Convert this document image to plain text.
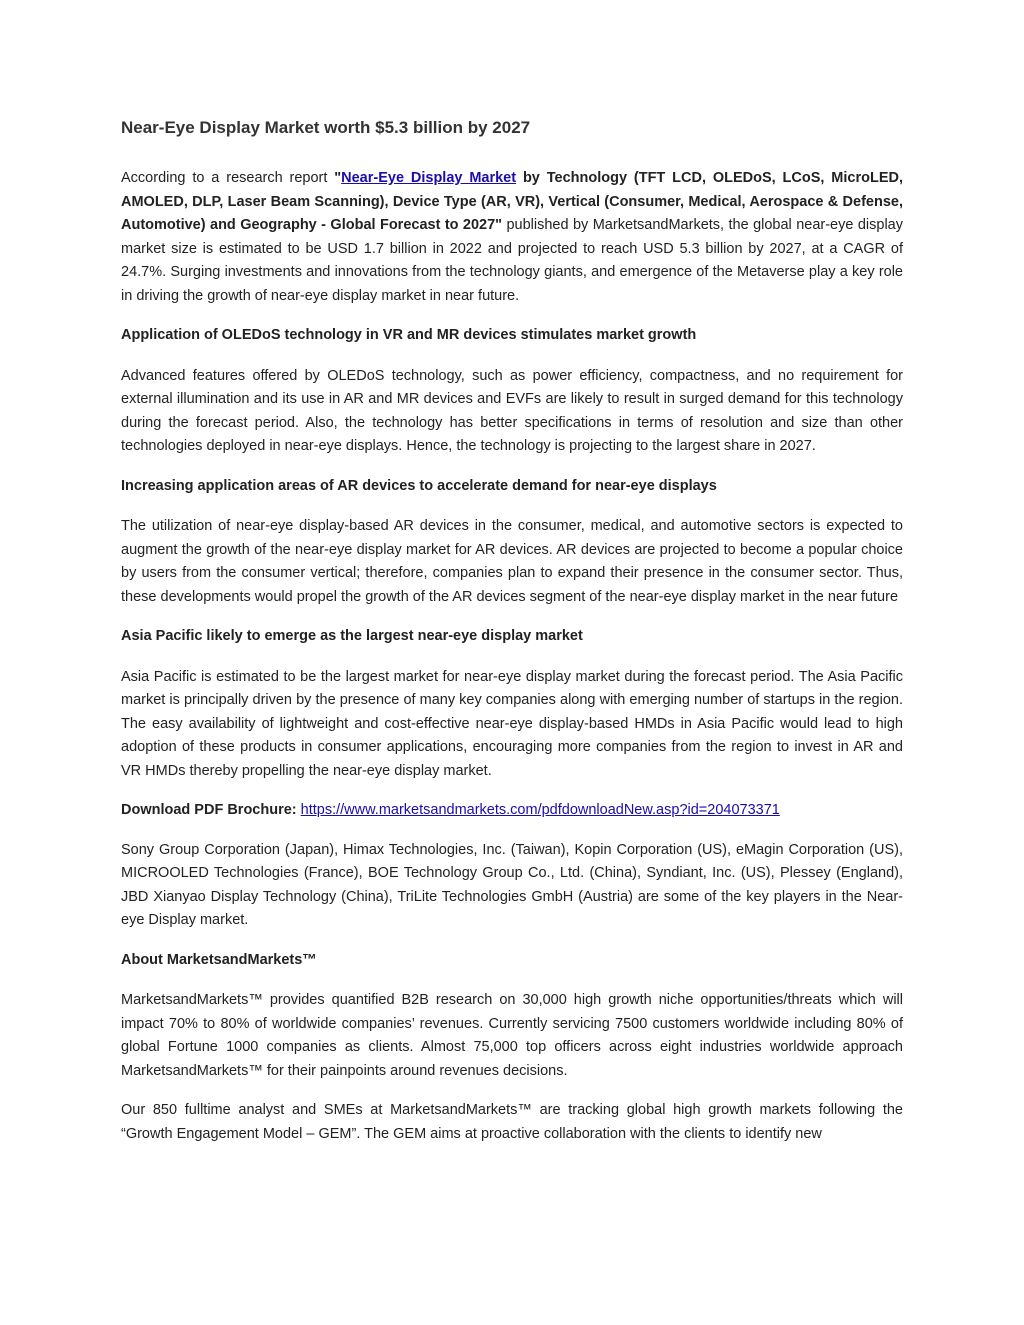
Near-Eye Display Market worth $5.3 billion by 2027

According to a research report "Near-Eye Display Market by Technology (TFT LCD, OLEDoS, LCoS, MicroLED, AMOLED, DLP, Laser Beam Scanning), Device Type (AR, VR), Vertical (Consumer, Medical, Aerospace & Defense, Automotive) and Geography - Global Forecast to 2027" published by MarketsandMarkets, the global near-eye display market size is estimated to be USD 1.7 billion in 2022 and projected to reach USD 5.3 billion by 2027, at a CAGR of 24.7%. Surging investments and innovations from the technology giants, and emergence of the Metaverse play a key role in driving the growth of near-eye display market in near future.

Application of OLEDoS technology in VR and MR devices stimulates market growth

Advanced features offered by OLEDoS technology, such as power efficiency, compactness, and no requirement for external illumination and its use in AR and MR devices and EVFs are likely to result in surged demand for this technology during the forecast period. Also, the technology has better specifications in terms of resolution and size than other technologies deployed in near-eye displays. Hence, the technology is projecting to the largest share in 2027.

Increasing application areas of AR devices to accelerate demand for near-eye displays

The utilization of near-eye display-based AR devices in the consumer, medical, and automotive sectors is expected to augment the growth of the near-eye display market for AR devices. AR devices are projected to become a popular choice by users from the consumer vertical; therefore, companies plan to expand their presence in the consumer sector. Thus, these developments would propel the growth of the AR devices segment of the near-eye display market in the near future

Asia Pacific likely to emerge as the largest near-eye display market

Asia Pacific is estimated to be the largest market for near-eye display market during the forecast period. The Asia Pacific market is principally driven by the presence of many key companies along with emerging number of startups in the region. The easy availability of lightweight and cost-effective near-eye display-based HMDs in Asia Pacific would lead to high adoption of these products in consumer applications, encouraging more companies from the region to invest in AR and VR HMDs thereby propelling the near-eye display market.

Download PDF Brochure: https://www.marketsandmarkets.com/pdfdownloadNew.asp?id=204073371

Sony Group Corporation (Japan), Himax Technologies, Inc. (Taiwan), Kopin Corporation (US), eMagin Corporation (US), MICROOLED Technologies (France), BOE Technology Group Co., Ltd. (China), Syndiant, Inc. (US), Plessey (England), JBD Xianyao Display Technology (China), TriLite Technologies GmbH (Austria) are some of the key players in the Near-eye Display market.

About MarketsandMarkets™

MarketsandMarkets™ provides quantified B2B research on 30,000 high growth niche opportunities/threats which will impact 70% to 80% of worldwide companies’ revenues. Currently servicing 7500 customers worldwide including 80% of global Fortune 1000 companies as clients. Almost 75,000 top officers across eight industries worldwide approach MarketsandMarkets™ for their painpoints around revenues decisions.

Our 850 fulltime analyst and SMEs at MarketsandMarkets™ are tracking global high growth markets following the “Growth Engagement Model – GEM”. The GEM aims at proactive collaboration with the clients to identify new
